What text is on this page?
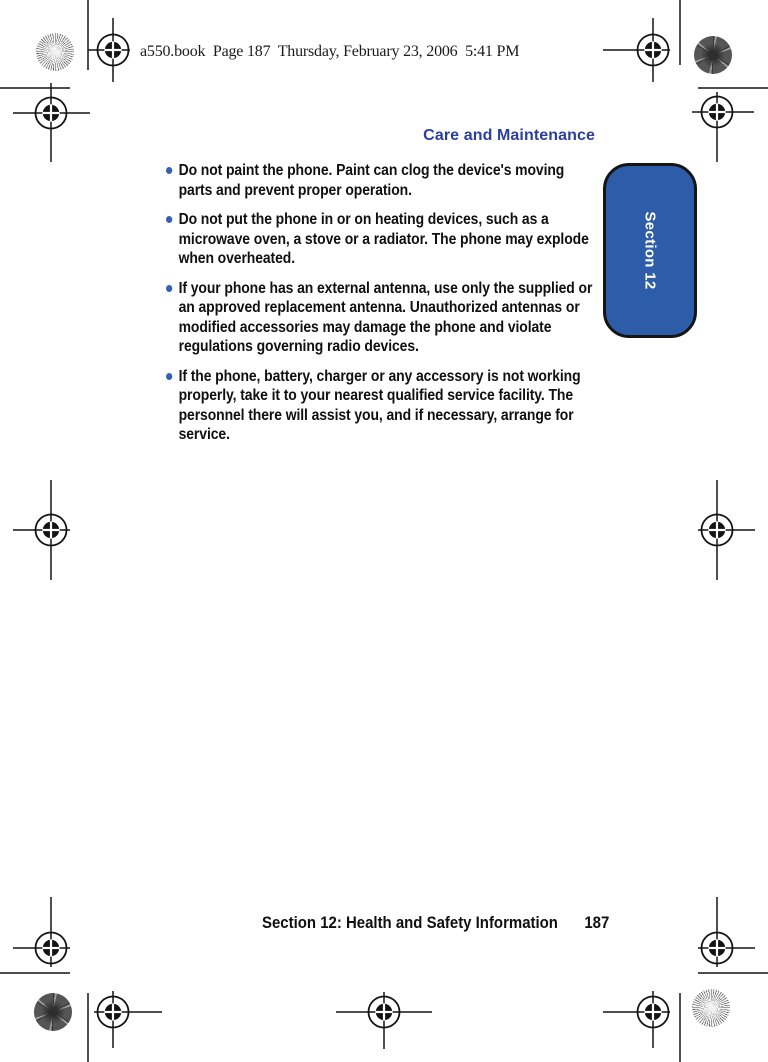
a550.book  Page 187  Thursday, February 23, 2006  5:41 PM
Care and Maintenance
Do not paint the phone. Paint can clog the device's moving parts and prevent proper operation.
Do not put the phone in or on heating devices, such as a microwave oven, a stove or a radiator. The phone may explode when overheated.
If your phone has an external antenna, use only the supplied or an approved replacement antenna. Unauthorized antennas or modified accessories may damage the phone and violate regulations governing radio devices.
If the phone, battery, charger or any accessory is not working properly, take it to your nearest qualified service facility. The personnel there will assist you, and if necessary, arrange for service.
Section 12
Section 12: Health and Safety Information 187
